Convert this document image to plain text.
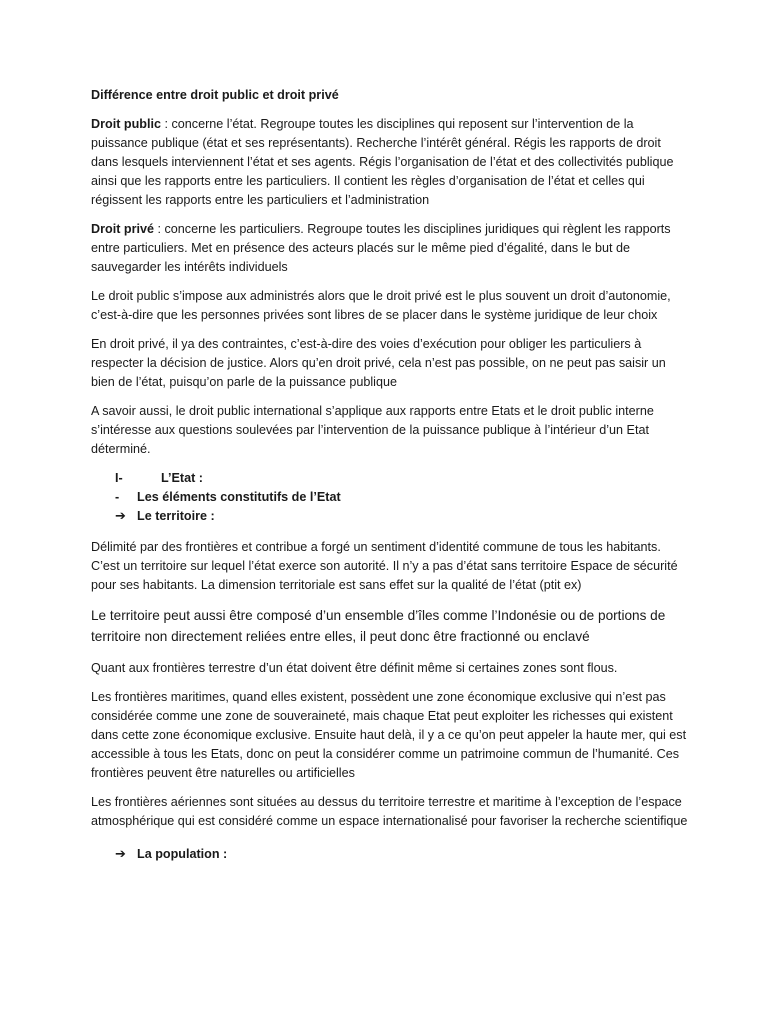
Différence entre droit public et droit privé

Droit public : concerne l’état. Regroupe toutes les disciplines qui reposent sur l’intervention de la puissance publique (état et ses représentants). Recherche l’intérêt général. Régis les rapports de droit dans lesquels interviennent l’état et ses agents. Régis l’organisation de l’état et des collectivités publique ainsi que les rapports entre les particuliers. Il contient les règles d’organisation de l’état et celles qui régissent les rapports entre les particuliers et l’administration

Droit privé : concerne les particuliers. Regroupe toutes les disciplines juridiques qui règlent les rapports entre particuliers. Met en présence des acteurs placés sur le même pied d’égalité, dans le but de sauvegarder les intérêts individuels

Le droit public s’impose aux administrés alors que le droit privé est le plus souvent un droit d’autonomie, c’est-à-dire que les personnes privées sont libres de se placer dans le système juridique de leur choix

En droit privé, il ya des contraintes, c’est-à-dire des voies d’exécution pour obliger les particuliers à respecter la décision de justice. Alors qu’en droit privé, cela n’est pas possible, on ne peut pas saisir un bien de l’état, puisqu’on parle de la puissance publique

A savoir aussi, le droit public international s’applique aux rapports entre Etats et le droit public interne s’intéresse aux questions soulevées par l’intervention de la puissance publique à l’intérieur d’un Etat déterminé.

I-	L’Etat :
-	Les éléments constitutifs de l’Etat
➔ Le territoire :

Délimité par des frontières et contribue a forgé un sentiment d’identité commune de tous les habitants. C’est un territoire sur lequel l’état exerce son autorité. Il n’y a pas d’état sans territoire Espace de sécurité pour ses habitants. La dimension territoriale est sans effet sur la qualité de l’état (ptit ex)

Le territoire peut aussi être composé d’un ensemble d’îles comme l’Indonésie ou de portions de territoire non directement reliées entre elles, il peut donc être fractionné ou enclavé

Quant aux frontières terrestre d’un état doivent être définit même si certaines zones sont flous.

Les frontières maritimes, quand elles existent, possèdent une zone économique exclusive qui n’est pas considérée comme une zone de souveraineté, mais chaque Etat peut exploiter les richesses qui existent dans cette zone économique exclusive. Ensuite haut delà, il y a ce qu’on peut appeler la haute mer, qui est accessible à tous les Etats, donc on peut la considérer comme un patrimoine commun de l’humanité. Ces frontières peuvent être naturelles ou artificielles

Les frontières aériennes sont situées au dessus du territoire terrestre et maritime à l’exception de l’espace atmosphérique qui est considéré comme un espace internationalisé pour favoriser la recherche scientifique

➔ La population :
